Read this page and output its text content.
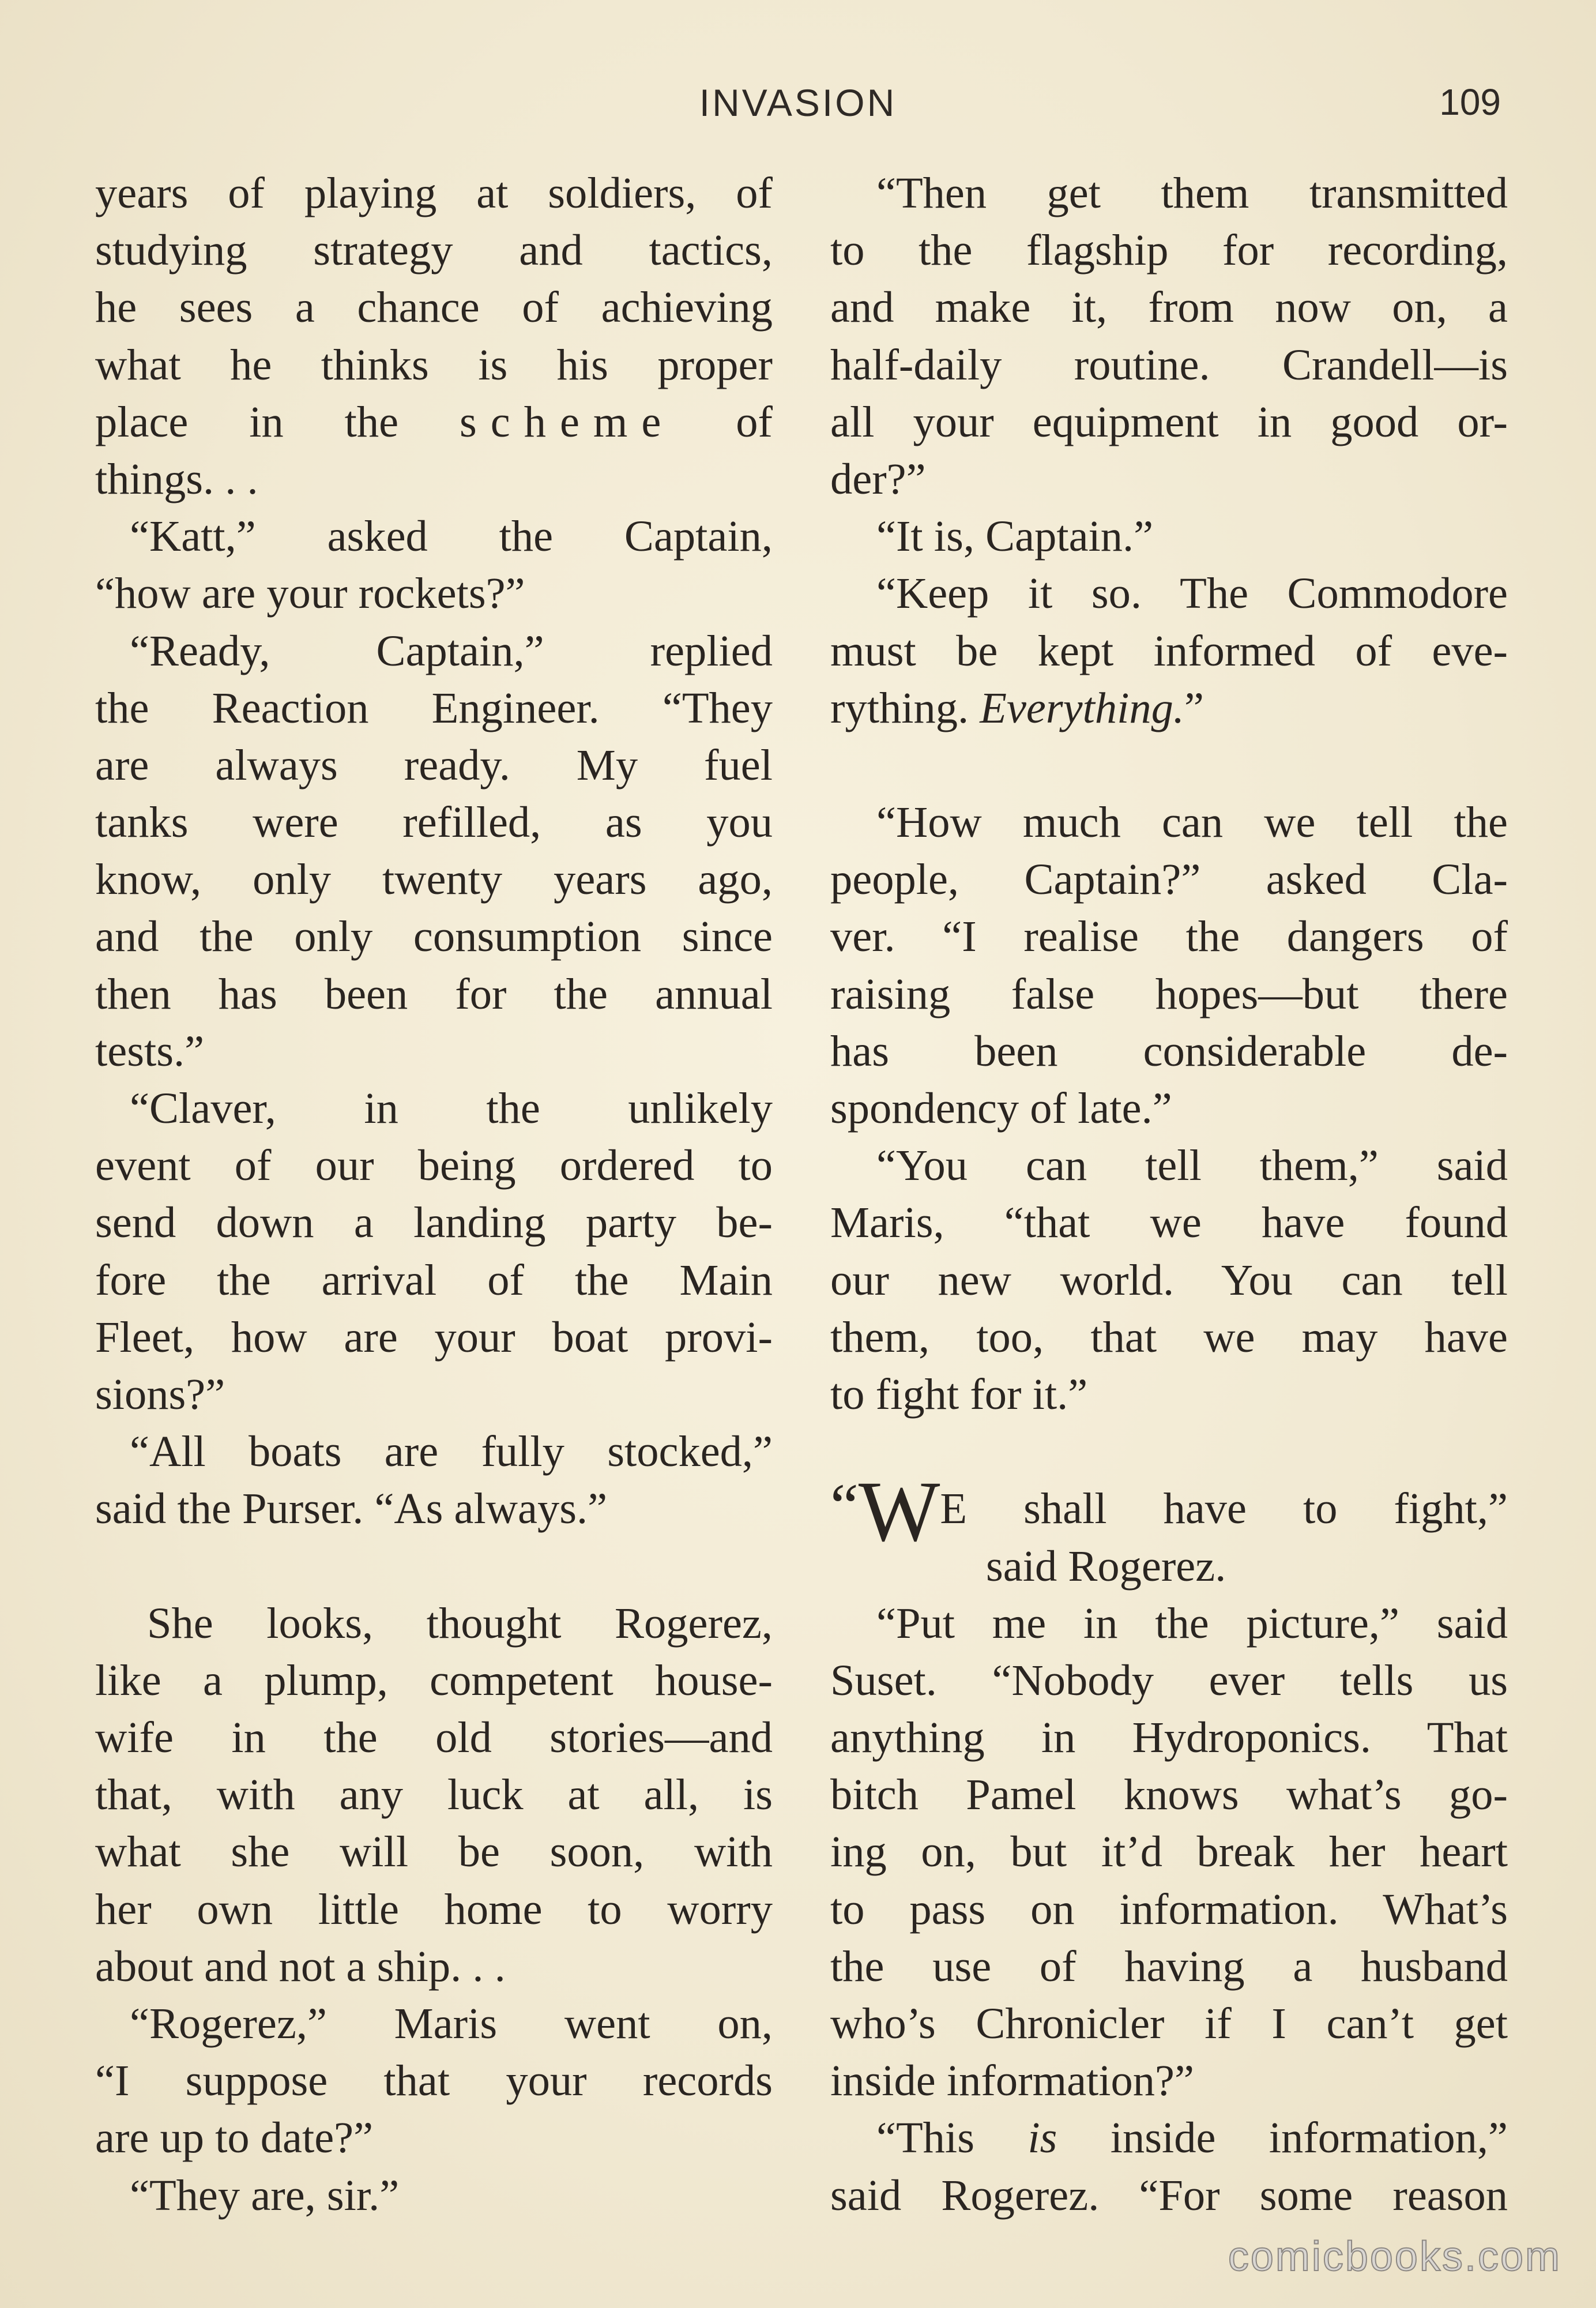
INVASION	109
years of playing at soldiers, of
studying strategy and tactics,
he sees a chance of achieving
what he thinks is his proper
place in the scheme of
things. . .
“Katt,” asked the Captain,
“how are your rockets?”
“Ready, Captain,” replied
the Reaction Engineer. “They
are always ready. My fuel
tanks were refilled, as you
know, only twenty years ago,
and the only consumption since
then has been for the annual
tests.”
“Claver, in the unlikely
event of our being ordered to
send down a landing party be-
fore the arrival of the Main
Fleet, how are your boat provi-
sions?”
“All boats are fully stocked,”
said the Purser. “As always.”
She looks, thought Rogerez,
like a plump, competent house-
wife in the old stories—and
that, with any luck at all, is
what she will be soon, with
her own little home to worry
about and not a ship. . .
“Rogerez,” Maris went on,
“I suppose that your records
are up to date?”
“They are, sir.”
“Then get them transmitted
to the flagship for recording,
and make it, from now on, a
half-daily routine. Crandell—is
all your equipment in good or-
der?”
“It is, Captain.”
“Keep it so. The Commodore
must be kept informed of eve-
rything. Everything.”
“How much can we tell the
people, Captain?” asked Cla-
ver. “I realise the dangers of
raising false hopes—but there
has been considerable de-
spondency of late.”
“You can tell them,” said
Maris, “that we have found
our new world. You can tell
them, too, that we may have
to fight for it.”
“WE shall have to fight,”
said Rogerez.
“Put me in the picture,” said
Suset. “Nobody ever tells us
anything in Hydroponics. That
bitch Pamel knows what’s go-
ing on, but it’d break her heart
to pass on information. What’s
the use of having a husband
who’s Chronicler if I can’t get
inside information?”
“This is inside information,”
said Rogerez. “For some reason
comicbooks.com
